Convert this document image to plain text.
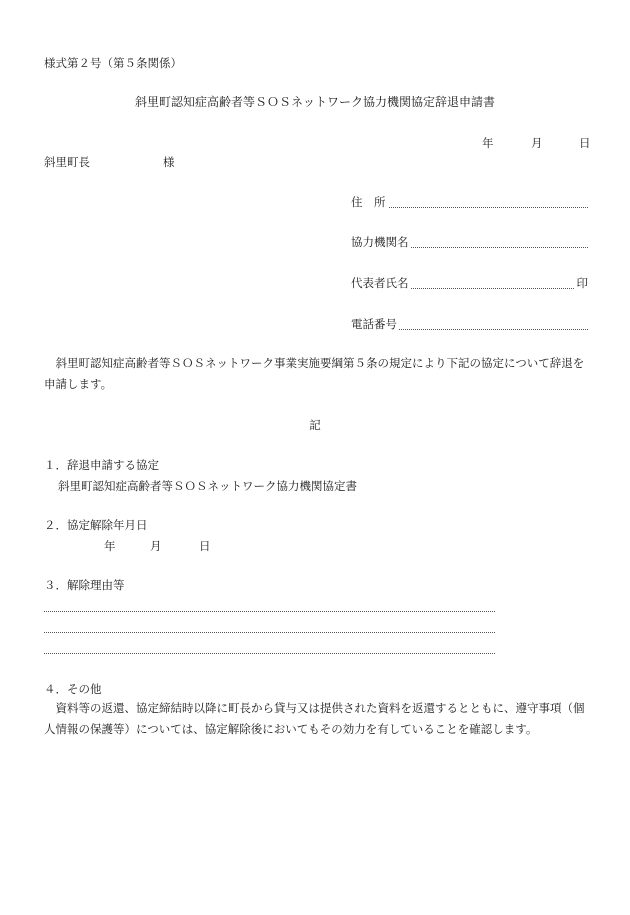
様式第２号（第５条関係）
斜里町認知症高齢者等ＳＯＳネットワーク協力機関協定辞退申請書
年	月	日
斜里町長	様
住　所
協力機関名
代表者氏名	印
電話番号
斜里町認知症高齢者等ＳＯＳネットワーク事業実施要綱第５条の規定により下記の協定について辞退を申請します。
記
１．辞退申請する協定
斜里町認知症高齢者等ＳＯＳネットワーク協力機関協定書
２．協定解除年月日
年	月	日
３．解除理由等
４．その他
資料等の返還、協定締結時以降に町長から貸与又は提供された資料を返還するとともに、遵守事項（個人情報の保護等）については、協定解除後においてもその効力を有していることを確認します。
